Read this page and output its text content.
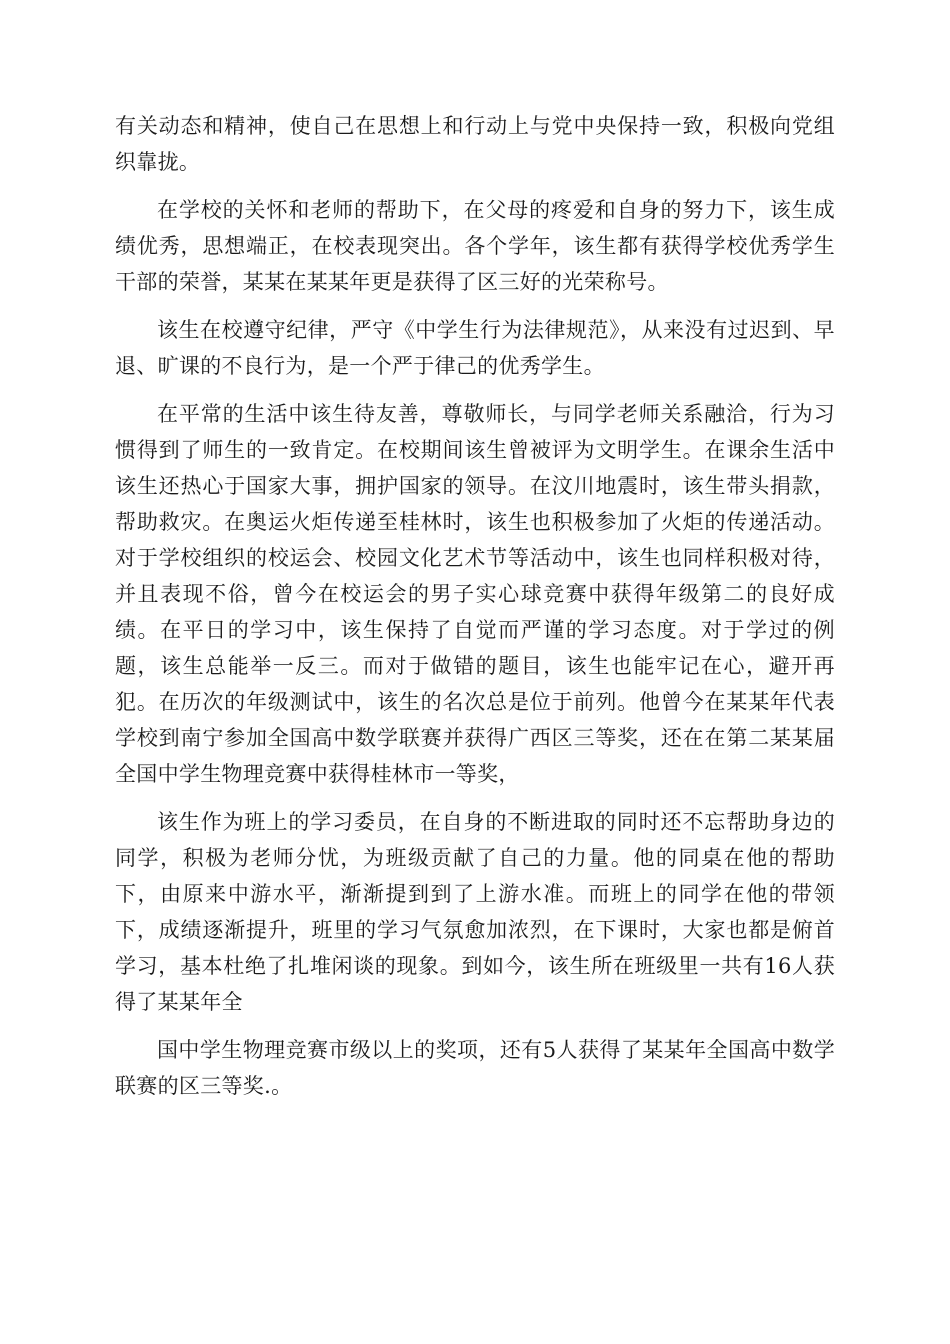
有关动态和精神，使自己在思想上和行动上与党中央保持一致，积极向党组织靠拢。

在学校的关怀和老师的帮助下，在父母的疼爱和自身的努力下，该生成绩优秀，思想端正，在校表现突出。各个学年，该生都有获得学校优秀学生干部的荣誉，某某在某某年更是获得了区三好的光荣称号。

该生在校遵守纪律，严守《中学生行为法律规范》，从来没有过迟到、早退、旷课的不良行为，是一个严于律己的优秀学生。

在平常的生活中该生待友善，尊敬师长，与同学老师关系融洽，行为习惯得到了师生的一致肯定。在校期间该生曾被评为文明学生。在课余生活中该生还热心于国家大事，拥护国家的领导。在汶川地震时，该生带头捐款，帮助救灾。在奥运火炬传递至桂林时，该生也积极参加了火炬的传递活动。对于学校组织的校运会、校园文化艺术节等活动中，该生也同样积极对待，并且表现不俗，曾今在校运会的男子实心球竞赛中获得年级第二的良好成绩。在平日的学习中，该生保持了自觉而严谨的学习态度。对于学过的例题，该生总能举一反三。而对于做错的题目，该生也能牢记在心，避开再犯。在历次的年级测试中，该生的名次总是位于前列。他曾今在某某年代表学校到南宁参加全国高中数学联赛并获得广西区三等奖，还在在第二某某届全国中学生物理竞赛中获得桂林市一等奖，

该生作为班上的学习委员，在自身的不断进取的同时还不忘帮助身边的同学，积极为老师分忧，为班级贡献了自己的力量。他的同桌在他的帮助下，由原来中游水平，渐渐提到到了上游水准。而班上的同学在他的带领下，成绩逐渐提升，班里的学习气氛愈加浓烈，在下课时，大家也都是俯首学习，基本杜绝了扎堆闲谈的现象。到如今，该生所在班级里一共有16人获得了某某年全

国中学生物理竞赛市级以上的奖项，还有5人获得了某某年全国高中数学联赛的区三等奖.。
